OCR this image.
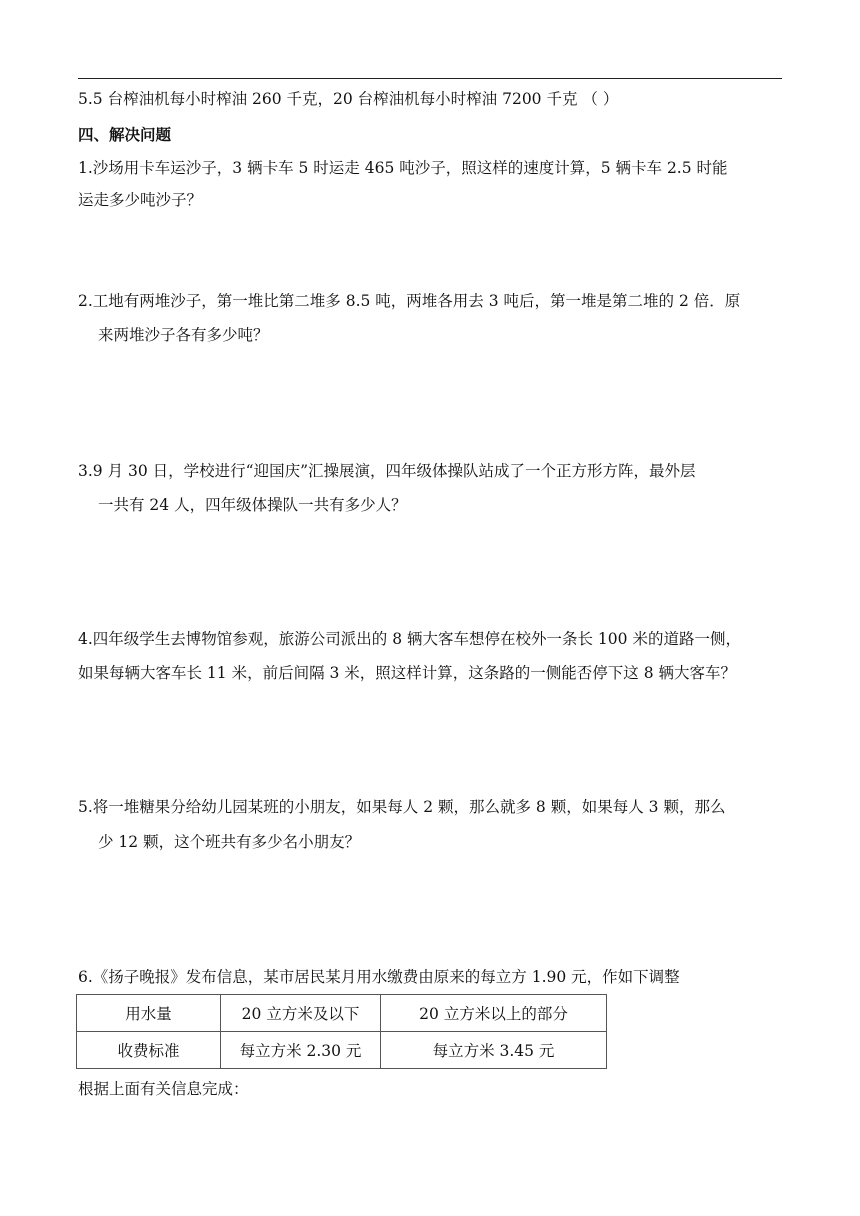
5.5 台榨油机每小时榨油 260 千克，20 台榨油机每小时榨油 7200 千克 （ ）
四、解决问题
1.沙场用卡车运沙子，3 辆卡车 5 时运走 465 吨沙子，照这样的速度计算，5 辆卡车 2.5 时能
运走多少吨沙子？
2.工地有两堆沙子，第一堆比第二堆多 8.5 吨，两堆各用去 3 吨后，第一堆是第二堆的 2 倍．原
来两堆沙子各有多少吨？
3.9 月 30 日，学校进行“迎国庆”汇操展演，四年级体操队站成了一个正方形方阵，最外层
一共有 24 人，四年级体操队一共有多少人？
4.四年级学生去博物馆参观，旅游公司派出的 8 辆大客车想停在校外一条长 100 米的道路一侧，
如果每辆大客车长 11 米，前后间隔 3 米，照这样计算，这条路的一侧能否停下这 8 辆大客车？
5.将一堆糖果分给幼儿园某班的小朋友，如果每人 2 颗，那么就多 8 颗，如果每人 3 颗，那么
少 12 颗，这个班共有多少名小朋友？
6.《扬子晚报》发布信息，某市居民某月用水缴费由原来的每立方 1.90 元，作如下调整
用水量	20 立方米及以下	20 立方米以上的部分
收费标准	每立方米 2.30 元	每立方米 3.45 元
根据上面有关信息完成：
